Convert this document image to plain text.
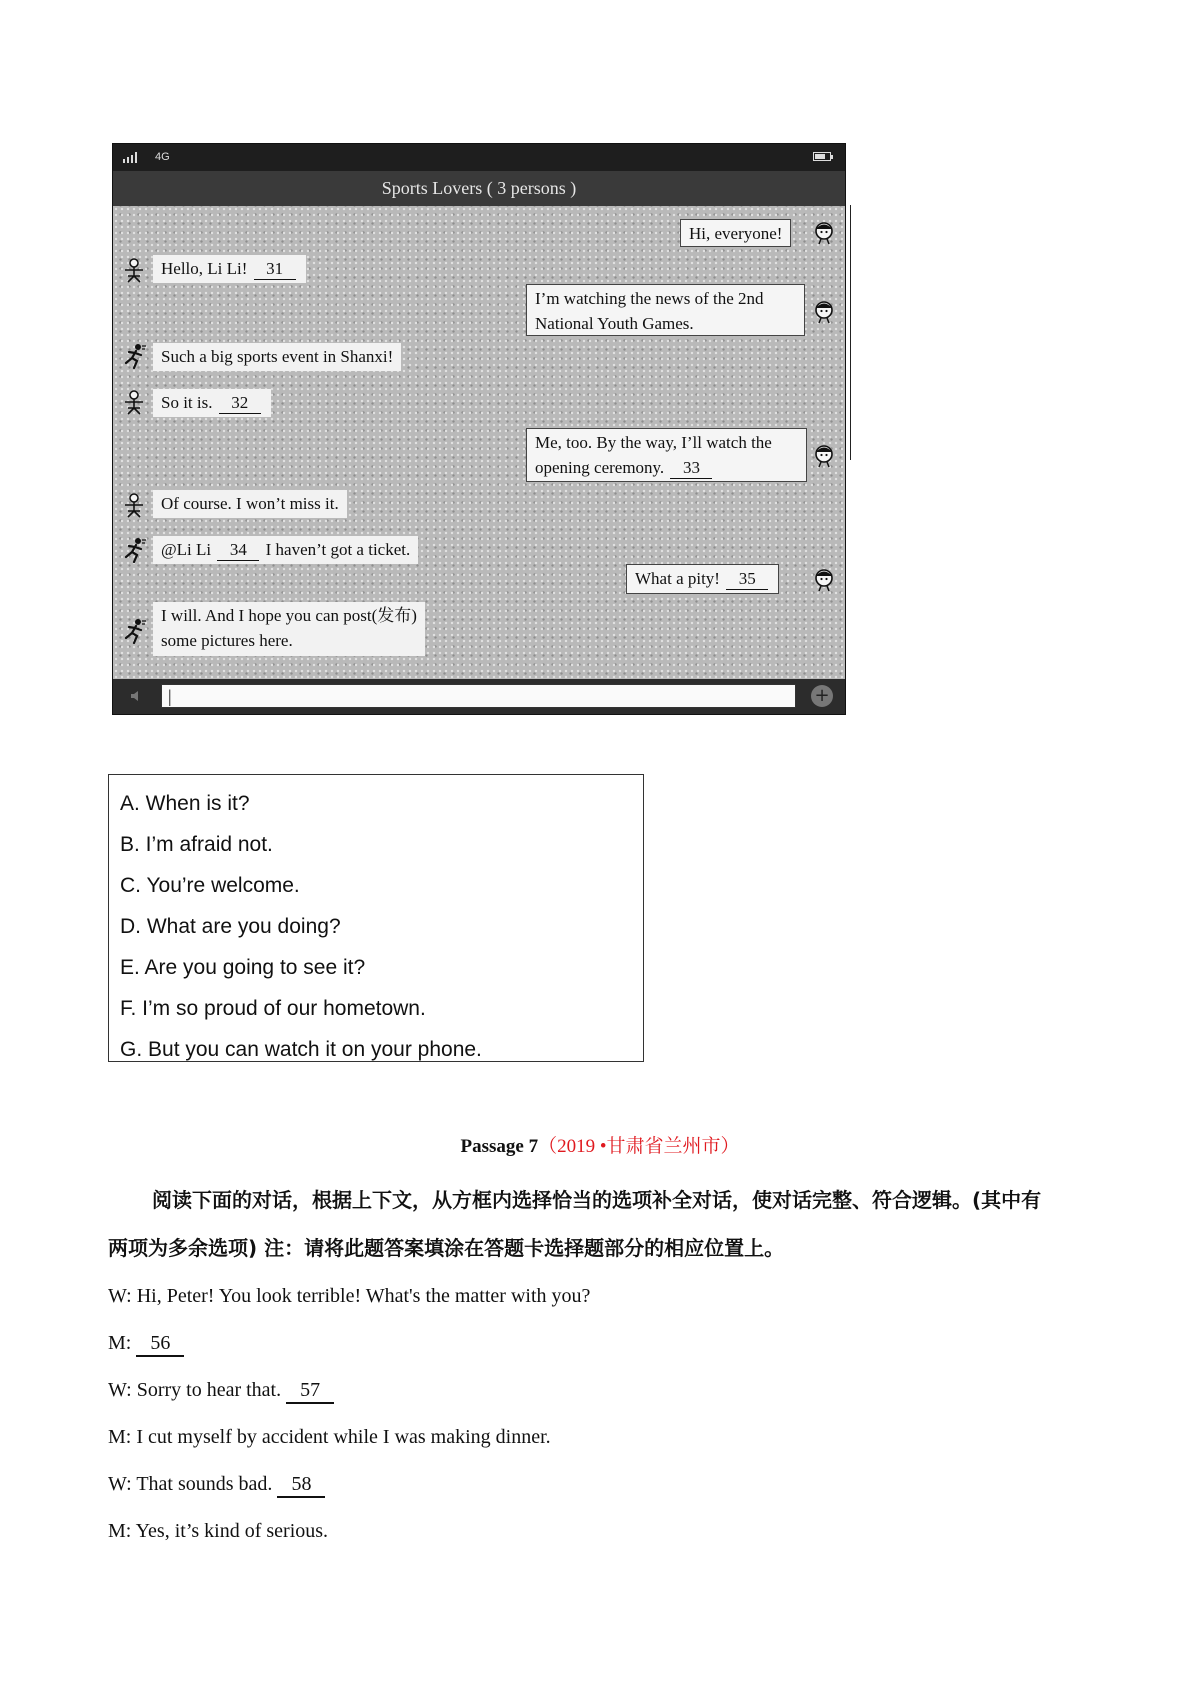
4G
Sports Lovers ( 3 persons )
Hi, everyone!
Hello, Li Li! 31
I’m watching the news of the 2nd
National Youth Games.
Such a big sports event in Shanxi!
So it is. 32
Me, too. By the way, I’ll watch the
opening ceremony. 33
Of course. I won’t miss it.
@Li Li 34 I haven’t got a ticket.
What a pity! 35
I will. And I hope you can post(发布)
some pictures here.
|	+
A. When is it?
B. I’m afraid not.
C. You’re welcome.
D. What are you doing?
E. Are you going to see it?
F. I’m so proud of our hometown.
G. But you can watch it on your phone.
Passage 7（2019 •甘肃省兰州市）
阅读下面的对话，根据上下文，从方框内选择恰当的选项补全对话，使对话完整、符合逻辑。(其中有
两项为多余选项) 注：请将此题答案填涂在答题卡选择题部分的相应位置上。
W: Hi, Peter! You look terrible! What's the matter with you?
M: 56
W: Sorry to hear that. 57
M: I cut myself by accident while I was making dinner.
W: That sounds bad. 58
M: Yes, it’s kind of serious.
